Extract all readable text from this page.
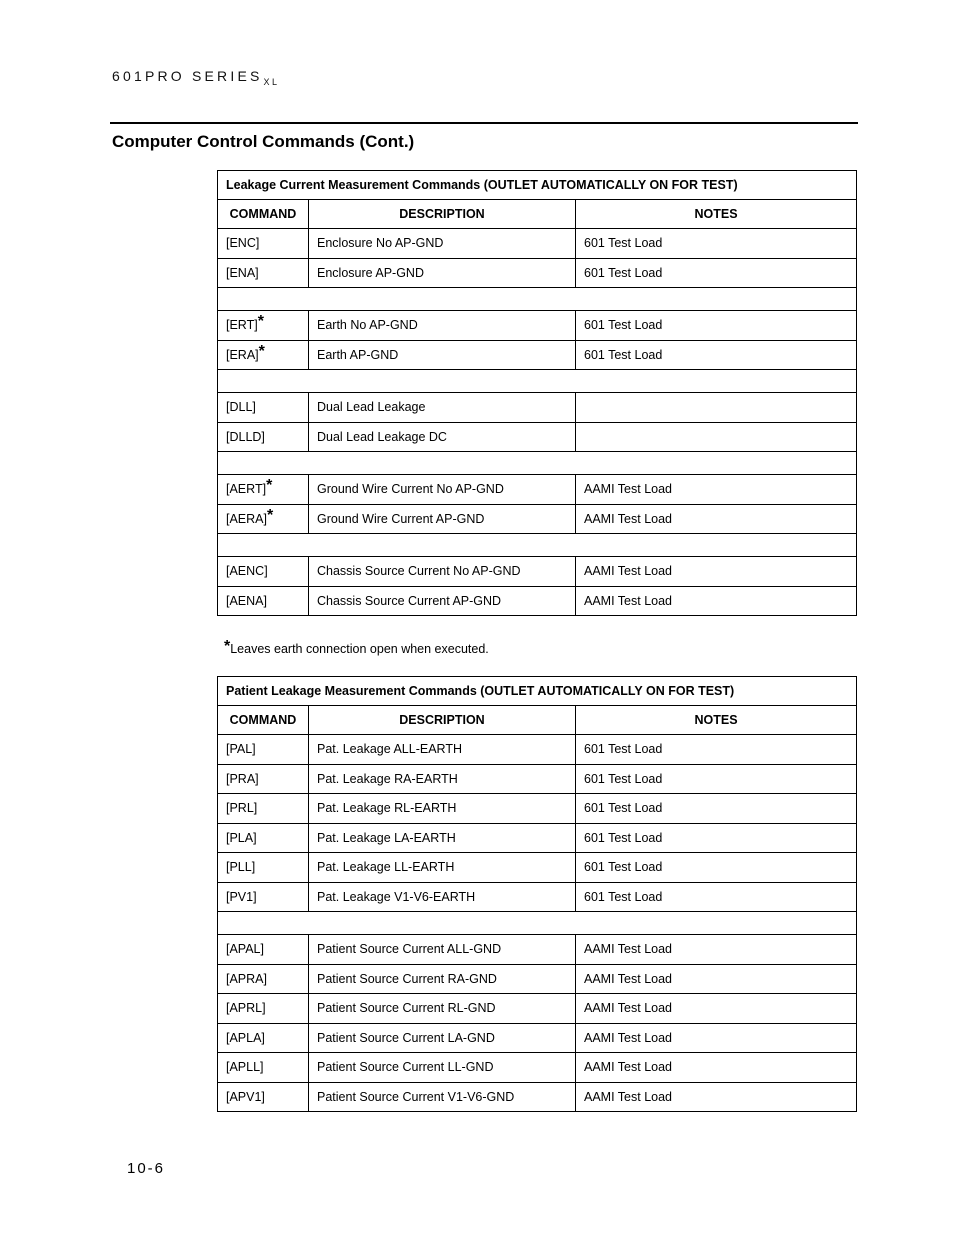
601PRO $SERIES_{XL}$
Computer Control Commands (Cont.)
Leakage Current Measurement Commands (OUTLET AUTOMATICALLY ON FOR TEST)		
COMMAND	DESCRIPTION	NOTES
[ENC]	Enclosure No AP-GND	601 Test Load
[ENA]	Enclosure AP-GND	601 Test Load

[ERT]*	Earth No AP-GND	601 Test Load
[ERA]*	Earth AP-GND	601 Test Load

[DLL]	Dual Lead Leakage	
[DLLD]	Dual Lead Leakage DC	

[AERT]*	Ground Wire Current No AP-GND	AAMI Test Load
[AERA]*	Ground Wire Current AP-GND	AAMI Test Load

[AENC]	Chassis Source Current No AP-GND	AAMI Test Load
[AENA]	Chassis Source Current AP-GND	AAMI Test Load
*Leaves earth connection open when executed.
Patient Leakage Measurement Commands (OUTLET AUTOMATICALLY ON FOR TEST)		
COMMAND	DESCRIPTION	NOTES
[PAL]	Pat. Leakage ALL-EARTH	601 Test Load
[PRA]	Pat. Leakage RA-EARTH	601 Test Load
[PRL]	Pat. Leakage RL-EARTH	601 Test Load
[PLA]	Pat. Leakage LA-EARTH	601 Test Load
[PLL]	Pat. Leakage LL-EARTH	601 Test Load
[PV1]	Pat. Leakage V1-V6-EARTH	601 Test Load

[APAL]	Patient Source Current ALL-GND	AAMI Test Load
[APRA]	Patient Source Current RA-GND	AAMI Test Load
[APRL]	Patient Source Current RL-GND	AAMI Test Load
[APLA]	Patient Source Current LA-GND	AAMI Test Load
[APLL]	Patient Source Current LL-GND	AAMI Test Load
[APV1]	Patient Source Current V1-V6-GND	AAMI Test Load
10-6
